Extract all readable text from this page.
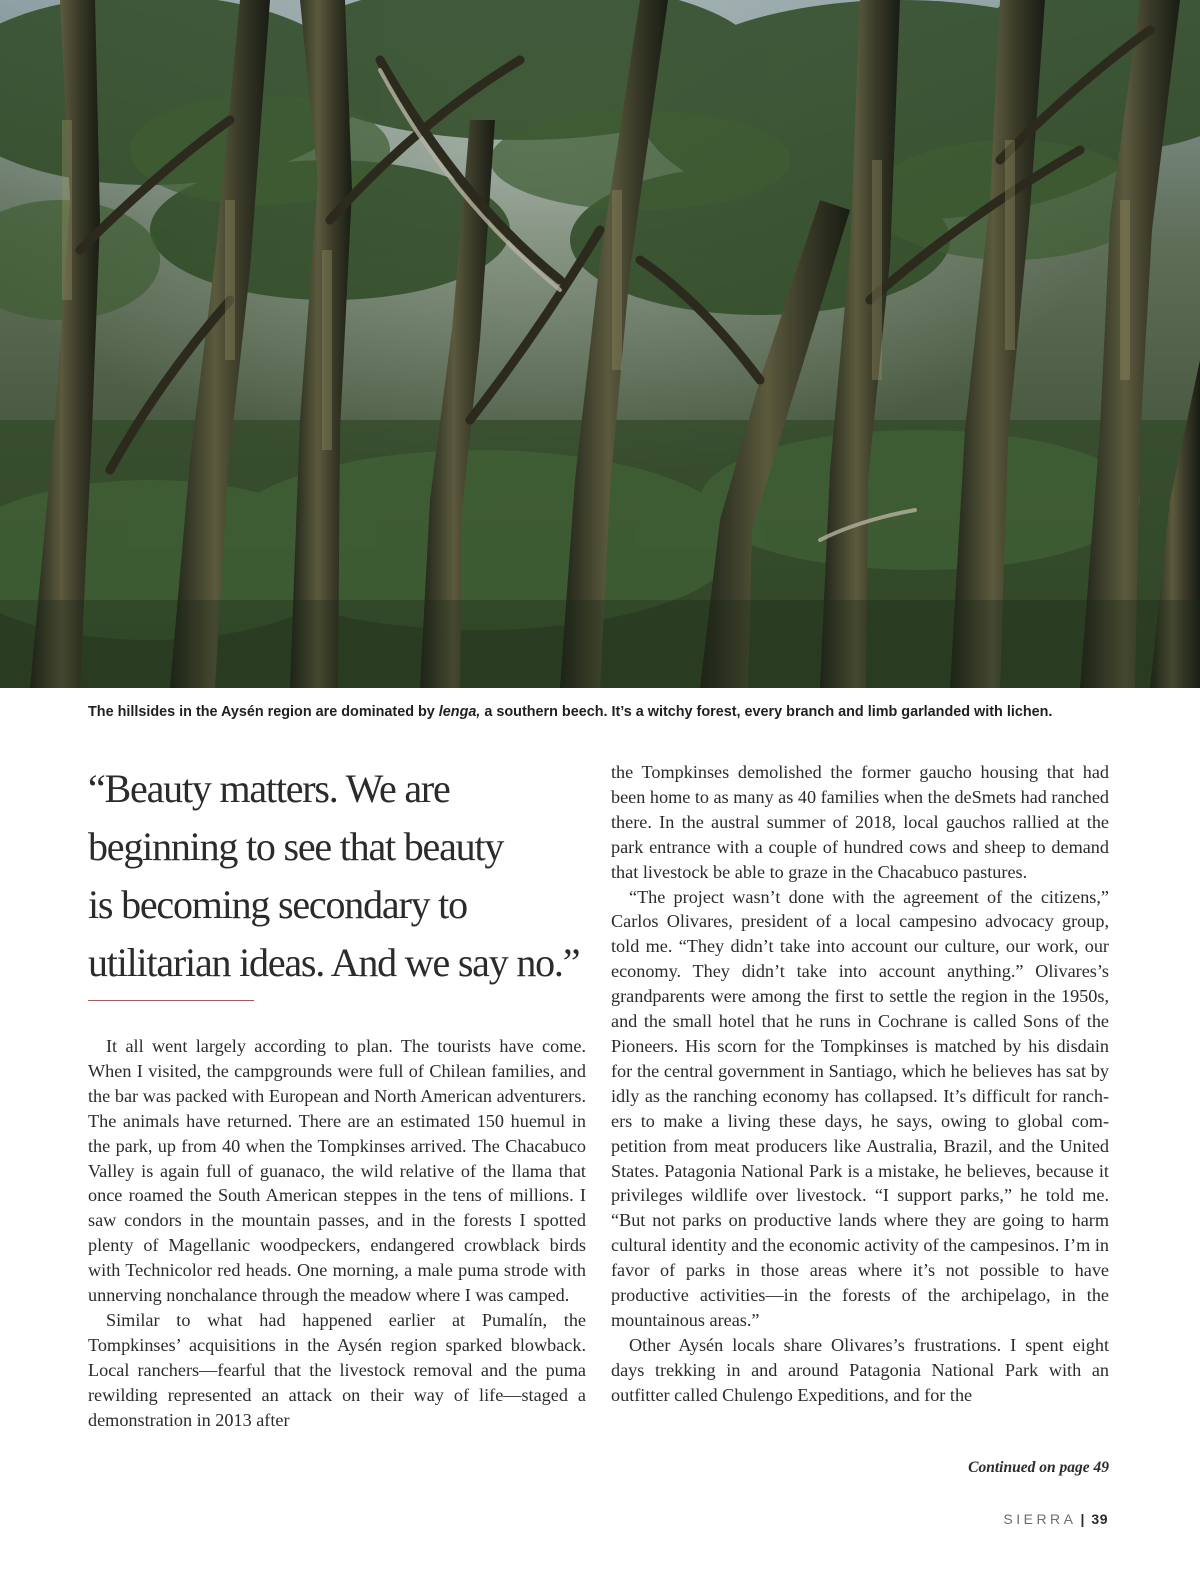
The hillsides in the Aysén region are dominated by lenga, a southern beech. It’s a witchy forest, every branch and limb garlanded with lichen.
“Beauty matters. We are
beginning to see that beauty
is becoming secondary to
utilitarian ideas. And we say no.”

It all went largely according to plan. The tourists have come. When I visited, the campgrounds were full of Chilean families, and the bar was packed with European and North American adventurers. The animals have returned. There are an estimated 150 huemul in the park, up from 40 when the Tompkinses arrived. The Chacabuco Valley is again full of guanaco, the wild relative of the llama that once roamed the South American steppes in the tens of millions. I saw condors in the mountain passes, and in the forests I spotted plenty of Magellanic woodpeckers, endangered crowblack birds with Technicolor red heads. One morning, a male puma strode with unnerving nonchalance through the meadow where I was camped.

Similar to what had happened earlier at Pumalín, the Tompkinses’ acquisitions in the Aysén region sparked blowback. Local ranchers—fearful that the livestock removal and the puma rewilding represented an attack on their way of life—staged a demonstration in 2013 after

the Tompkinses demolished the former gaucho housing that had been home to as many as 40 families when the deSmets had ranched there. In the austral summer of 2018, local gauchos rallied at the park entrance with a couple of hundred cows and sheep to demand that livestock be able to graze in the Chacabuco pastures.

“The project wasn’t done with the agreement of the citizens,” Carlos Olivares, president of a local campesino advocacy group, told me. “They didn’t take into account our culture, our work, our economy. They didn’t take into account anything.” Olivares’s grandparents were among the first to settle the region in the 1950s, and the small hotel that he runs in Cochrane is called Sons of the Pioneers. His scorn for the Tompkinses is matched by his disdain for the central government in Santiago, which he believes has sat by idly as the ranching economy has collapsed. It’s difficult for ranchers to make a living these days, he says, owing to global competition from meat producers like Australia, Brazil, and the United States. Patagonia National Park is a mistake, he believes, because it privileges wildlife over livestock. “I support parks,” he told me. “But not parks on productive lands where they are going to harm cultural identity and the economic activity of the campesinos. I’m in favor of parks in those areas where it’s not possible to have productive activities—in the forests of the archipelago, in the mountainous areas.”

Other Aysén locals share Olivares’s frustrations. I spent eight days trekking in and around Patagonia National Park with an outfitter called Chulengo Expeditions, and for the

Continued on page 49
SIERRA | 39
